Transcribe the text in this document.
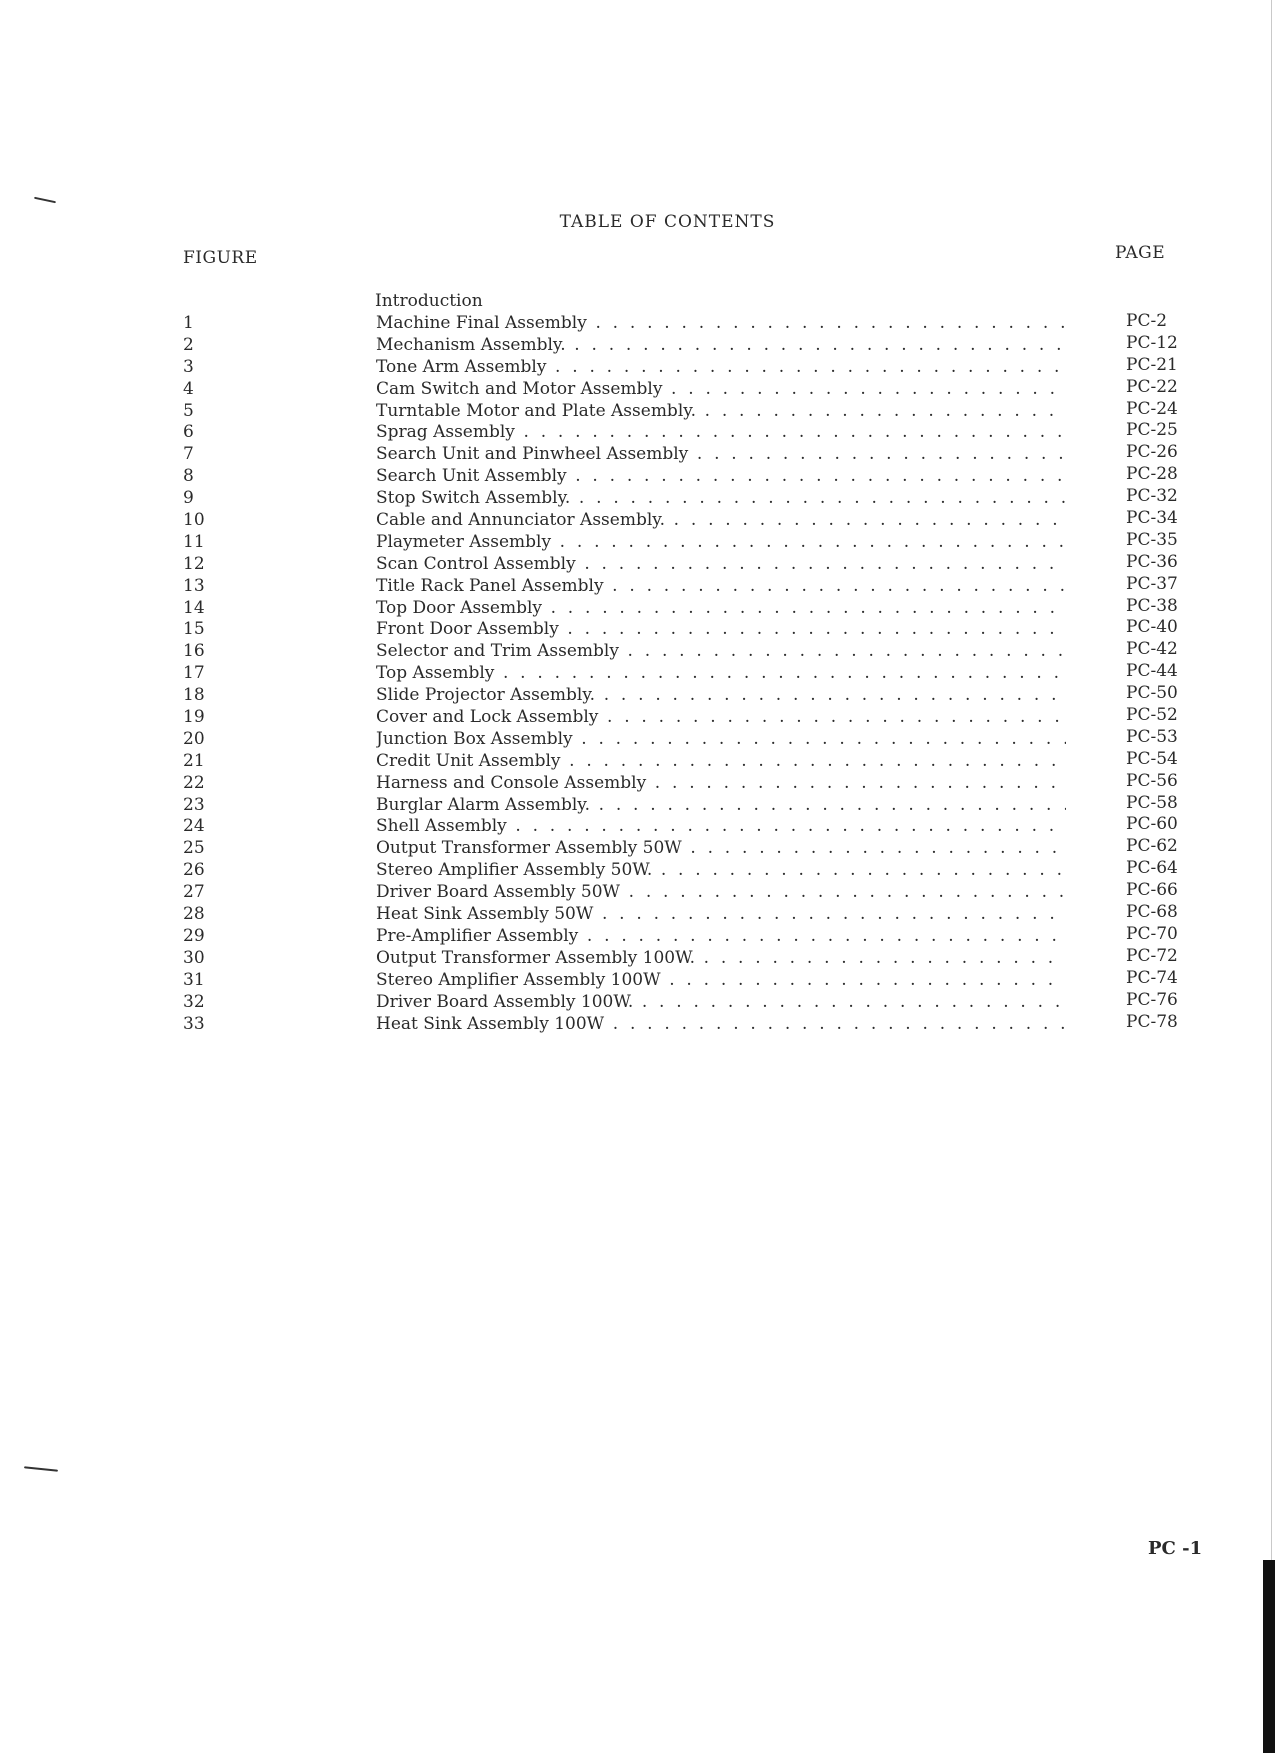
TABLE OF CONTENTS
FIGURE	PAGE
Introduction
1	Machine Final Assembly . . .	PC-2
2	Mechanism Assembly. . . .	PC-12
3	Tone Arm Assembly . . .	PC-21
4	Cam Switch and Motor Assembly . . .	PC-22
5	Turntable Motor and Plate Assembly. . . .	PC-24
6	Sprag Assembly . . .	PC-25
7	Search Unit and Pinwheel Assembly . . .	PC-26
8	Search Unit Assembly . . .	PC-28
9	Stop Switch Assembly. . . .	PC-32
10	Cable and Annunciator Assembly. . . .	PC-34
11	Playmeter Assembly . . .	PC-35
12	Scan Control Assembly . . .	PC-36
13	Title Rack Panel Assembly . . .	PC-37
14	Top Door Assembly . . .	PC-38
15	Front Door Assembly . . .	PC-40
16	Selector and Trim Assembly . . .	PC-42
17	Top Assembly . . .	PC-44
18	Slide Projector Assembly. . . .	PC-50
19	Cover and Lock Assembly . . .	PC-52
20	Junction Box Assembly . . .	PC-53
21	Credit Unit Assembly . . .	PC-54
22	Harness and Console Assembly . . .	PC-56
23	Burglar Alarm Assembly. . . .	PC-58
24	Shell Assembly . . .	PC-60
25	Output Transformer Assembly 50W . . .	PC-62
26	Stereo Amplifier Assembly 50W. . . .	PC-64
27	Driver Board Assembly 50W . . .	PC-66
28	Heat Sink Assembly 50W . . .	PC-68
29	Pre-Amplifier Assembly . . .	PC-70
30	Output Transformer Assembly 100W. . . .	PC-72
31	Stereo Amplifier Assembly 100W . . .	PC-74
32	Driver Board Assembly 100W. . . .	PC-76
33	Heat Sink Assembly 100W . . .	PC-78
PC -1
